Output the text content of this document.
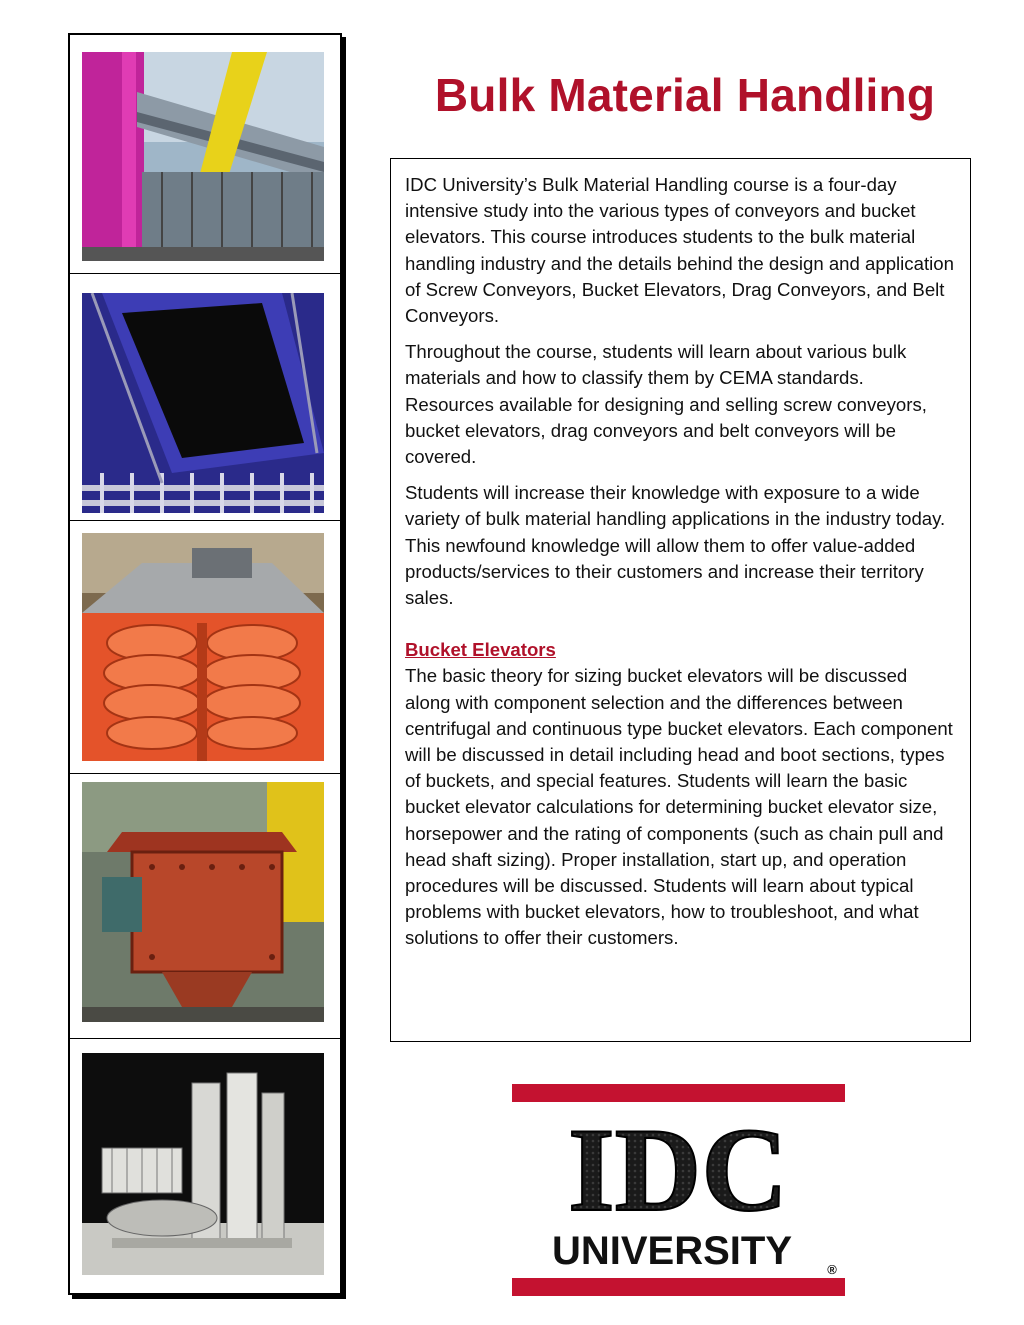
Bulk Material Handling

IDC University’s Bulk Material Handling course is a four-day intensive study into the various types of conveyors and bucket elevators. This course introduces students to the bulk material handling industry and the details behind the design and application of Screw Conveyors, Bucket Elevators, Drag Conveyors, and Belt Conveyors.

Throughout the course, students will learn about various bulk materials and how to classify them by CEMA standards. Resources available for designing and selling screw conveyors, bucket elevators, drag conveyors and belt conveyors will be covered.

Students will increase their knowledge with exposure to a wide variety of bulk material handling applications in the industry today. This newfound knowledge will allow them to offer value-added products/services to their customers and increase their territory sales.

Bucket Elevators

The basic theory for sizing bucket elevators will be discussed along with component selection and the differences between centrifugal and continuous type bucket elevators. Each component will be discussed in detail including head and boot sections, types of buckets, and special features. Students will learn the basic bucket elevator calculations for determining bucket elevator size, horsepower and the rating of components (such as chain pull and head shaft sizing). Proper installation, start up, and operation procedures will be discussed. Students will learn about typical problems with bucket elevators, how to troubleshoot, and what solutions to offer their customers.

IDC
UNIVERSITY	®
